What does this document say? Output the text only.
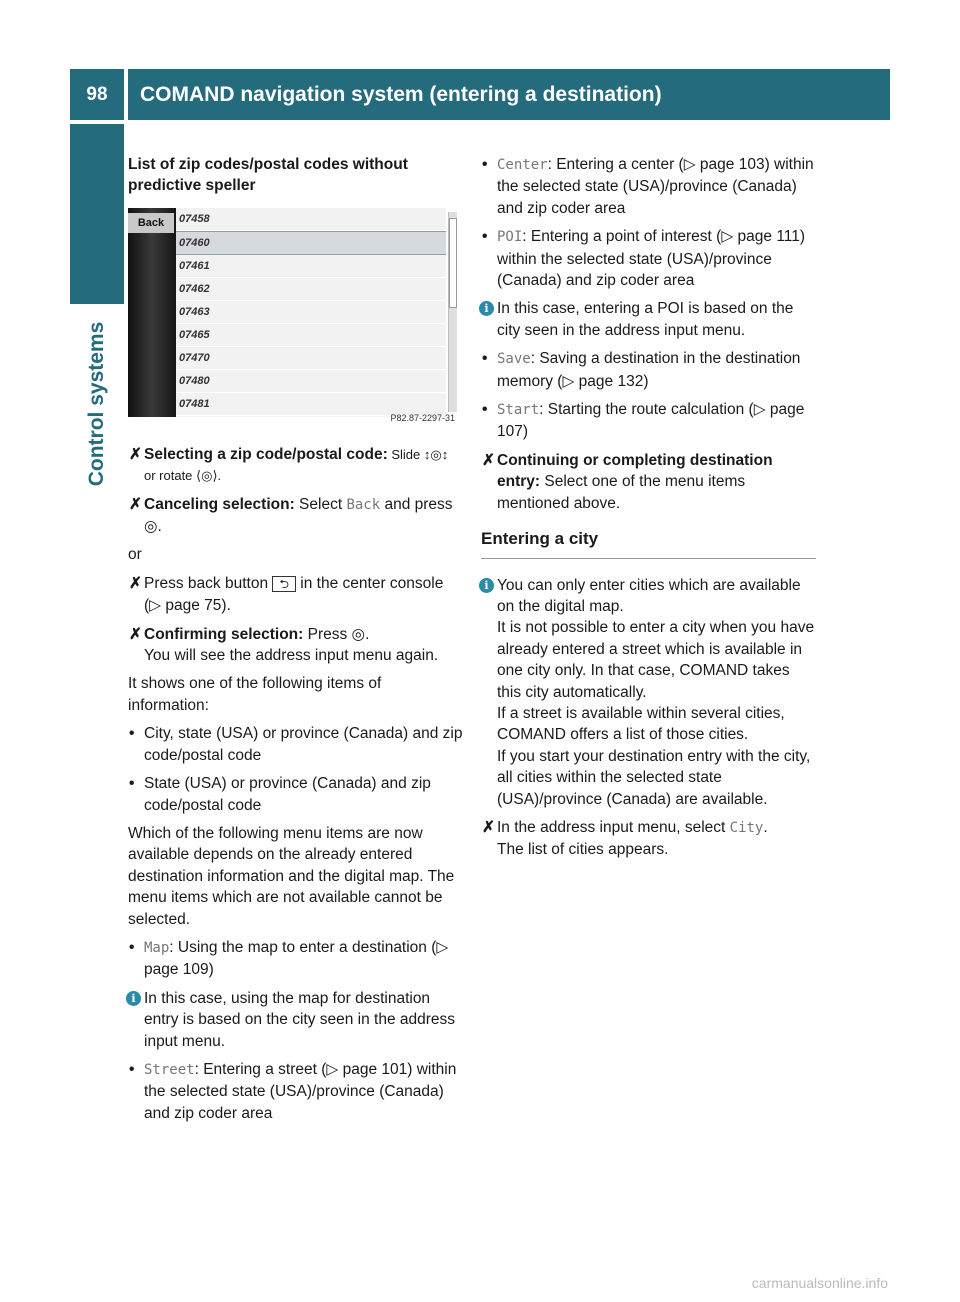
98	COMAND navigation system (entering a destination)
Control systems

List of zip codes/postal codes without predictive speller

Back	07458
07460
07461
07462
07463
07465
07470
07480
07481
P82.87-2297-31
✗ Selecting a zip code/postal code: Slide ↕◎↕ or rotate ⟨◎⟩.
✗ Canceling selection: Select Back and press ◎.

or

✗ Press back button ⮌ in the center console (▷ page 75).
✗ Confirming selection: Press ◎.
You will see the address input menu again.

It shows one of the following items of information:

• City, state (USA) or province (Canada) and zip code/postal code
• State (USA) or province (Canada) and zip code/postal code

Which of the following menu items are now available depends on the already entered destination information and the digital map. The menu items which are not available cannot be selected.

• Map: Using the map to enter a destination (▷ page 109)
i In this case, using the map for destination entry is based on the city seen in the address input menu.
• Street: Entering a street (▷ page 101) within the selected state (USA)/province (Canada) and zip coder area
• Center: Entering a center (▷ page 103) within the selected state (USA)/province (Canada) and zip coder area
• POI: Entering a point of interest (▷ page 111) within the selected state (USA)/province (Canada) and zip coder area
i In this case, entering a POI is based on the city seen in the address input menu.
• Save: Saving a destination in the destination memory (▷ page 132)
• Start: Starting the route calculation (▷ page 107)
✗ Continuing or completing destination entry: Select one of the menu items mentioned above.
Entering a city
i You can only enter cities which are available on the digital map.
It is not possible to enter a city when you have already entered a street which is available in one city only. In that case, COMAND takes this city automatically.
If a street is available within several cities, COMAND offers a list of those cities.
If you start your destination entry with the city, all cities within the selected state (USA)/province (Canada) are available.
✗ In the address input menu, select City.
The list of cities appears.
carmanualsonline.info
